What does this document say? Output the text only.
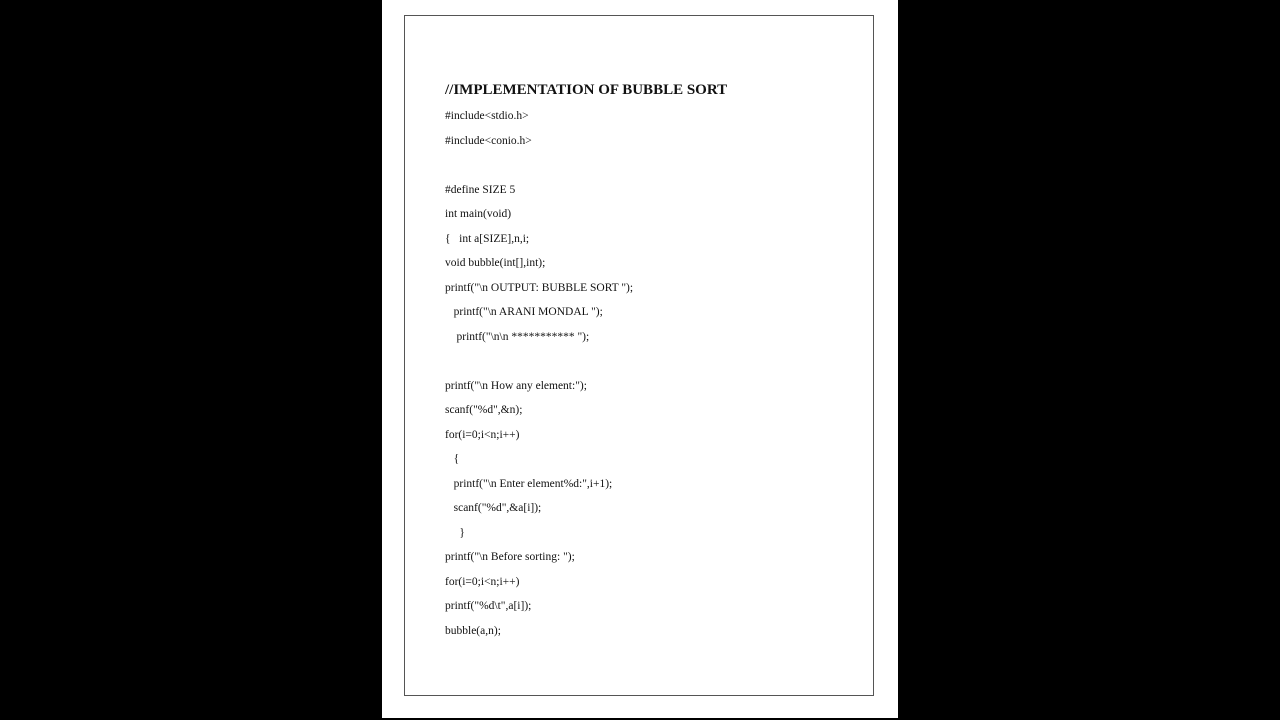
//IMPLEMENTATION OF BUBBLE SORT
#include<stdio.h>
#include<conio.h>
#define SIZE 5
int main(void)
{   int a[SIZE],n,i;
void bubble(int[],int);
printf("\n OUTPUT: BUBBLE SORT ");
printf("\n ARANI MONDAL ");
printf("\n\n *********** ");
printf("\n How any element:");
scanf("%d",&n);
for(i=0;i<n;i++)
{
printf("\n Enter element%d:",i+1);
scanf("%d",&a[i]);
}
printf("\n Before sorting: ");
for(i=0;i<n;i++)
printf("%d\t",a[i]);
bubble(a,n);
